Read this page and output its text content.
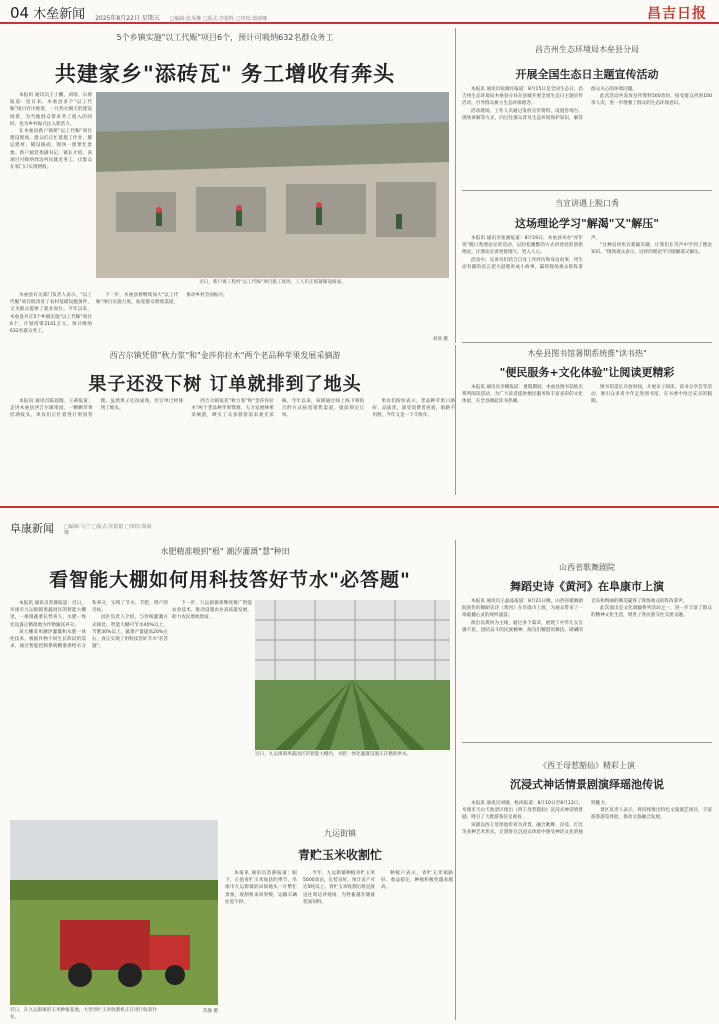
04 木垒新闻 2025年8月22日 星期五 □编辑:张凤琳 □版式:李银辉 □审校:郑丽娜	昌吉日报
5个乡镇实施"以工代赈"项目6个，预计可吸纳632名群众务工
共建家乡"添砖瓦" 务工增收有奔头

本报讯 通讯员王子鹏、刘瑶、石倩报道：连日来，木垒县多个"以工代赈"项目有序推进，一片热火朝天的建设场景，为当地群众带来务工收入的同时，也为乡村振兴注入新活力。

在木垒县新户镇桥"以工代赈"项目建设现场，群众们正忙着施工作业，搬运建材、铺设路面，现场一派繁忙景象。新户镇党委副书记、镇长介绍，该项目可吸纳周边村民就近务工，让群众在家门口实现增收。

近日，新户镇工程村"以工代赈"项目施工现场，工人们正抓紧铺设路面。

木垒县有关部门负责人表示，"以工代赈"项目既改善了农村基础设施条件，又为群众提供了就业岗位。今年以来，木垒县共在5个乡镇实施"以工代赈"项目6个，计划投资2141万元，预计吸纳632名群众务工。

下一步，木垒县将继续加大"以工代赈"项目实施力度，拓宽群众增收渠道，推动乡村全面振兴。

刘瑶 摄
昌吉州生态环境局木垒县分局
开展全国生态日主题宣传活动

本报讯 通讯员张晓玲报道：8月15日是全国生态日，昌吉州生态环境局木垒县分局在县城开展全国生态日主题宣传活动，引导群众树立生态环保理念。

活动现场，工作人员通过发放宣传资料、设置咨询台、现场讲解等方式，向过往群众普及生态环境保护知识，解答群众关心的环境问题。

此次活动共发放宣传资料500余份，接受群众咨询100余人次，进一步增强了群众的生态环保意识。

当宣讲遇上脱口秀
这场理论学习"解渴"又"解压"

本报讯 通讯员张涵报道：8月19日，木垒县举办"青年说"脱口秀理论宣讲活动，以轻松幽默的方式讲述党的创新理论，让理论宣讲更接地气、更入人心。

活动中，宣讲员们结合自身工作经历和身边故事，用生动有趣的语言把大道理讲成小故事，赢得现场观众阵阵掌声。

"这种宣讲形式新颖有趣，让我们在笑声中学到了理论知识。"现场观众表示，这样的理论学习既解渴又解压。

木垒县图书馆暑期系统推"读书热"
"便民服务+文化体验"让阅读更精彩

本报讯 通讯员李娜报道：暑假期间，木垒县图书馆推出系列阅读活动，为广大读者提供便民服务和丰富多彩的文化体验，在全县掀起读书热潮。

图书馆延长开放时间，开展亲子阅读、读书分享会等活动，吸引众多青少年走进图书馆，在书香中度过充实的假期。

西吉尔镇凭借"秋力浆"和"金莎你拉木"两个老品种苹果发展采摘游
果子还没下树 订单就排到了地头

本报讯 通讯员陈超群、王莉报道：走进木垒县西吉尔镇果园，一颗颗苹果挂满枝头，果农们正忙着进行果园管理。虽然果子还没成熟，但订单已经排到了地头。

西吉尔镇依托"秋力浆"和"金莎你拉木"两个老品种苹果资源，大力发展林果采摘游，吸引了众多游客前来观光采摘。今年以来，该镇通过线上线下相结合的方式拓宽销售渠道，提前锁定订单。

果农们纷纷表示，老品种苹果口感好、品质优，深受消费者喜爱，销路不用愁，今年又是一个丰收年。

阜康新闻 □编辑:马兰 □版式:张银娟 □审校:郑丽娜
水肥精准喂到"根" 潮汐灌溉"慧"种田
看智能大棚如何用科技答好节水"必答题"

本报讯 通讯员苏静报道：近日，阜康市九运街镇果蔬园区的智能大棚里，一排排蔬菜长势喜人，水肥一体化设备正精准地为作物输送养分。

该大棚采用潮汐灌溉和水肥一体化技术，根据作物不同生长阶段的需求，通过智能控制系统精准供给水分和养分，实现了节水、节肥、增产的目标。

园区负责人介绍，与传统灌溉方式相比，智能大棚可节水40%以上，节肥30%以上，蔬菜产量提高20%左右，真正实现了用科技答好节水"必答题"。

下一步，九运街镇将继续推广智能农业技术，推动设施农业高质量发展，助力农民增收致富。

近日，九运街镇果蔬园区的智能大棚内，水肥一体化灌溉设施正在精准供水。
近日，在九运街镇的玉米种植基地，大型青贮玉米收割机正在进行收获作业。
苏静 摄
九运街镇
青贮玉米收割忙

本报讯 通讯员苏静报道：眼下，正值青贮玉米收获的季节，阜康市九运街镇的田间地头一片繁忙景象，收割机来回穿梭，运输车辆往返不停。

今年，九运街镇种植青贮玉米5000余亩，长势良好，预计亩产可达5吨以上。青贮玉米收割后将直接送往周边养殖场，为牲畜越冬储备优质饲料。

种植户表示，青贮玉米销路好、收益稳定，种植积极性越来越高。

山西省歌舞剧院
舞蹈史诗《黄河》在阜康市上演

本报讯 通讯员王晶晶报道：8月21日晚，山西省歌舞剧院创作的舞蹈史诗《黄河》在阜康市上演，为观众带来了一场震撼心灵的视听盛宴。

演出以黄河为主线，通过多个篇章，展现了中华儿女自强不息、团结奋斗的民族精神。演员们精湛的舞技、磅礴的音乐和绚丽的舞美赢得了现场观众的阵阵掌声。

此次演出是文化润疆系列活动之一，进一步丰富了群众的精神文化生活，增进了各民族交往交流交融。

《西王母惹豁仙》精彩上演
沉浸式神话情景剧演绎瑶池传说

本报讯 通讯员刘婧、杨涛报道：8月10日至8月13日，阜康市天山天池景区推出《西王母惹豁仙》沉浸式神话情景剧，吸引了大批游客驻足观看。

该剧以西王母瑶池传说为背景，融合歌舞、杂技、灯光等多种艺术形式，让游客在沉浸式体验中感受神话文化的独特魅力。

景区负责人表示，将持续推出特色文旅演艺项目，丰富游客游览体验，推动文旅融合发展。
